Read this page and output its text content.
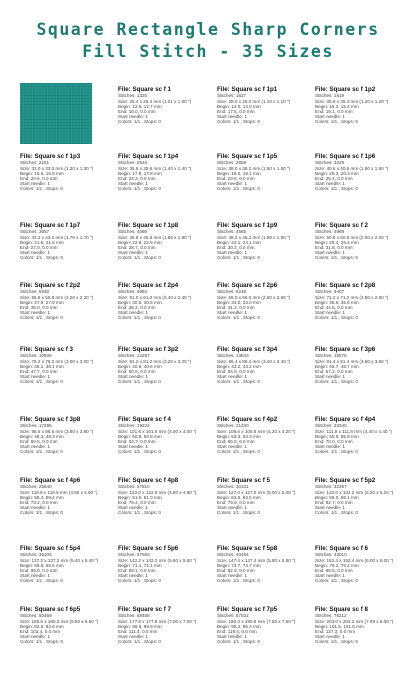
Square Rectangle Sharp Corners
Fill Stitch - 35 Sizes
File: Square sc f 1
Stitches: 1326
Size: 25.4 x 25.4 mm (1.01 x 1.00 ")
Begin: 12.6, 12.7 mm
End: 16.0, 0.0 mm
Start needle: 1
Colors: 1/1 , Stops: 0
File: Square sc f 1p1
Stitches: 1627
Size: 28.0 x 28.0 mm (1.10 x 1.10 ")
Begin: 14.0, 14.0 mm
End: 17.5, 0.0 mm
Start needle: 1
Colors: 1/1 , Stops: 0
File: Square sc f 1p2
Stitches: 1919
Size: 30.6 x 30.4 mm (1.20 x 1.20 ")
Begin: 15.3, 15.2 mm
End: 19.1, 0.0 mm
Start needle: 1
Colors: 1/1 , Stops: 0
File: Square sc f 1p3
Stitches: 2151
Size: 33.0 x 33.0 mm (1.30 x 1.30 ")
Begin: 16.5, 16.5 mm
End: 20.6, 0.0 mm
Start needle: 1
Colors: 1/1 , Stops: 0
File: Square sc f 1p4
Stitches: 2534
Size: 35.6 x 35.6 mm (1.40 x 1.40 ")
Begin: 17.8, 17.8 mm
End: 22.3, 0.0 mm
Start needle: 1
Colors: 1/1 , Stops: 0
File: Square sc f 1p5
Stitches: 2858
Size: 38.0 x 38.2 mm (1.50 x 1.50 ")
Begin: 19.0, 19.1 mm
End: 23.8, 0.0 mm
Start needle: 1
Colors: 1/1 , Stops: 0
File: Square sc f 1p6
Stitches: 3229
Size: 40.6 x 40.6 mm (1.60 x 1.60 ")
Begin: 20.3, 20.3 mm
End: 25.4, 0.0 mm
Start needle: 1
Colors: 1/1 , Stops: 0
File: Square sc f 1p7
Stitches: 3657
Size: 43.2 x 43.2 mm (1.70 x 1.70 ")
Begin: 21.6, 21.6 mm
End: 27.0, 0.0 mm
Start needle: 1
Colors: 1/1 , Stops: 0
File: Square sc f 1p8
Stitches: 4086
Size: 45.8 x 45.8 mm (1.80 x 1.80 ")
Begin: 22.9, 22.9 mm
End: 28.7, 0.0 mm
Start needle: 1
Colors: 1/1 , Stops: 0
File: Square sc f 1p9
Stitches: 4565
Size: 48.2 x 48.2 mm (1.90 x 1.90 ")
Begin: 24.1, 24.1 mm
End: 30.2, 0.0 mm
Start needle: 1
Colors: 1/1 , Stops: 0
File: Square sc f 2
Stitches: 4989
Size: 50.8 x 50.8 mm (2.00 x 2.00 ")
Begin: 25.4, 25.4 mm
End: 31.8, 0.0 mm
Start needle: 1
Colors: 1/1 , Stops: 0
File: Square sc f 2p2
Stitches: 5930
Size: 55.8 x 55.8 mm (2.20 x 2.20 ")
Begin: 27.9, 27.9 mm
End: 35.0, 0.0 mm
Start needle: 1
Colors: 1/1 , Stops: 0
File: Square sc f 2p4
Stitches: 6954
Size: 61.0 x 61.0 mm (2.40 x 2.40 ")
Begin: 30.5, 30.5 mm
End: 38.2, 0.0 mm
Start needle: 1
Colors: 1/1 , Stops: 0
File: Square sc f 2p6
Stitches: 8248
Size: 66.0 x 66.0 mm (2.60 x 2.60 ")
Begin: 33.0, 33.0 mm
End: 41.3, 0.0 mm
Start needle: 1
Colors: 1/1 , Stops: 0
File: Square sc f 2p8
Stitches: 9407
Size: 71.2 x 71.2 mm (2.80 x 2.80 ")
Begin: 35.6, 35.6 mm
End: 44.6, 0.0 mm
Start needle: 1
Colors: 1/1 , Stops: 0
File: Square sc f 3
Stitches: 10839
Size: 76.2 x 76.2 mm (3.00 x 3.00 ")
Begin: 38.1, 38.1 mm
End: 47.7, 0.0 mm
Start needle: 1
Colors: 1/1 , Stops: 0
File: Square sc f 3p2
Stitches: 12297
Size: 81.2 x 81.2 mm (3.20 x 3.20 ")
Begin: 40.6, 40.6 mm
End: 50.8, 0.0 mm
Start needle: 1
Colors: 1/1 , Stops: 0
File: Square sc f 3p4
Stitches: 13843
Size: 86.4 x 86.4 mm (3.40 x 3.40 ")
Begin: 43.2, 43.2 mm
End: 54.0, 0.0 mm
Start needle: 1
Colors: 1/1 , Stops: 0
File: Square sc f 3p6
Stitches: 15578
Size: 91.4 x 91.4 mm (3.60 x 3.60 ")
Begin: 45.7, 45.7 mm
End: 57.2, 0.0 mm
Start needle: 1
Colors: 1/1 , Stops: 0
File: Square sc f 3p8
Stitches: 17296
Size: 96.6 x 96.6 mm (3.80 x 3.80 ")
Begin: 48.3, 48.3 mm
End: 60.5, 0.0 mm
Start needle: 1
Colors: 1/1 , Stops: 0
File: Square sc f 4
Stitches: 19224
Size: 101.6 x 101.6 mm (4.00 x 4.00 ")
Begin: 50.8, 50.8 mm
End: 63.7, 0.0 mm
Start needle: 1
Colors: 1/1 , Stops: 0
File: Square sc f 4p2
Stitches: 21340
Size: 106.6 x 106.6 mm (4.20 x 4.20 ")
Begin: 53.3, 53.3 mm
End: 66.8, 0.0 mm
Start needle: 1
Colors: 1/1 , Stops: 0
File: Square sc f 4p4
Stitches: 23340
Size: 111.8 x 111.8 mm (4.40 x 4.40 ")
Begin: 55.9, 55.9 mm
End: 70.0, 0.0 mm
Start needle: 1
Colors: 1/1 , Stops: 0
File: Square sc f 4p6
Stitches: 25640
Size: 116.8 x 116.8 mm (4.60 x 4.60 ")
Begin: 58.4, 58.4 mm
End: 73.2, 0.0 mm
Start needle: 1
Colors: 1/1 , Stops: 0
File: Square sc f 4p8
Stitches: 27810
Size: 122.0 x 122.0 mm (4.80 x 4.80 ")
Begin: 61.0, 61.0 mm
End: 76.4, 0.0 mm
Start needle: 1
Colors: 1/1 , Stops: 0
File: Square sc f 5
Stitches: 30131
Size: 127.0 x 127.0 mm (5.00 x 5.00 ")
Begin: 63.5, 63.5 mm
End: 79.6, 0.0 mm
Start needle: 1
Colors: 1/1 , Stops: 0
File: Square sc f 5p2
Stitches: 32397
Size: 132.0 x 132.2 mm (5.20 x 5.20 ")
Begin: 66.0, 66.1 mm
End: 82.7, 0.0 mm
Start needle: 1
Colors: 1/1 , Stops: 0
File: Square sc f 5p4
Stitches: 35105
Size: 137.2 x 137.2 mm (5.40 x 5.40 ")
Begin: 68.6, 68.6 mm
End: 86.0, 0.0 mm
Start needle: 1
Colors: 1/1 , Stops: 0
File: Square sc f 5p6
Stitches: 37560
Size: 142.2 x 142.2 mm (5.60 x 5.60 ")
Begin: 71.1, 71.1 mm
End: 89.1, 0.0 mm
Start needle: 1
Colors: 1/1 , Stops: 0
File: Square sc f 5p8
Stitches: 40494
Size: 147.4 x 147.4 mm (5.80 x 5.80 ")
Begin: 73.7, 73.7 mm
End: 92.3, 0.0 mm
Start needle: 1
Colors: 1/1 , Stops: 0
File: Square sc f 6
Stitches: 43010
Size: 152.4 x 152.4 mm (6.00 x 6.00 ")
Begin: 76.2, 76.2 mm
End: 95.5, 0.0 mm
Start needle: 1
Colors: 1/1 , Stops: 0
File: Square sc f 6p5
Stitches: 50469
Size: 165.6 x 165.2 mm (6.50 x 6.50 ")
Begin: 82.8, 82.6 mm
End: 103.4, 0.0 mm
Start needle: 1
Colors: 1/1 , Stops: 0
File: Square sc f 7
Stitches: 58458
Size: 177.8 x 177.8 mm (7.00 x 7.00 ")
Begin: 88.9, 88.9 mm
End: 111.4, 0.0 mm
Start needle: 1
Colors: 1/1 , Stops: 0
File: Square sc f 7p5
Stitches: 67032
Size: 190.4 x 190.6 mm (7.50 x 7.50 ")
Begin: 95.2, 95.3 mm
End: 119.4, 0.0 mm
Start needle: 1
Colors: 1/1 , Stops: 0
File: Square sc f 8
Stitches: 76212
Size: 203.0 x 203.2 mm (7.99 x 8.00 ")
Begin: 101.5, 101.6 mm
End: 127.3, 0.0 mm
Start needle: 1
Colors: 1/1 , Stops: 0
